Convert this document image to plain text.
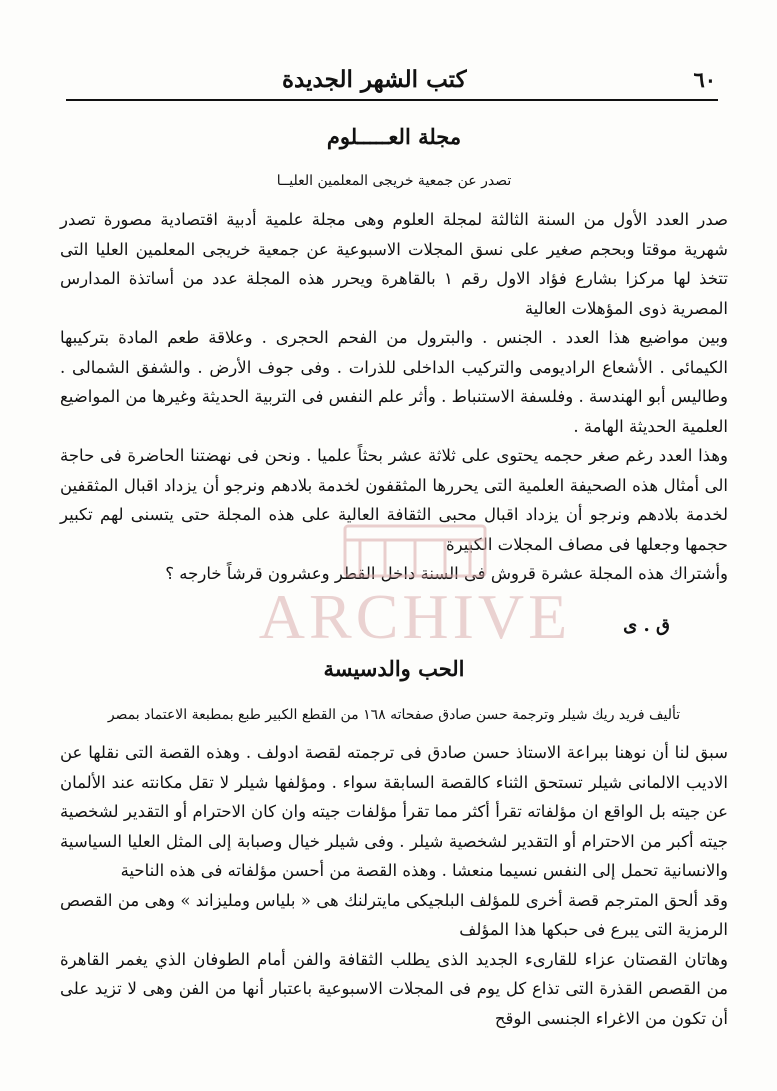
كتب الشهر الجديدة	٦٠
مجلة العـــــلوم
تصدر عن جمعية خريجى المعلمين العليــا

صدر العدد الأول من السنة الثالثة لمجلة العلوم وهى مجلة علمية أدبية اقتصادية مصورة تصدر شهرية موقتا وبحجم صغير على نسق المجلات الاسبوعية عن جمعية خريجى المعلمين العليا التى تتخذ لها مركزا بشارع فؤاد الاول رقم ١ بالقاهرة ويحرر هذه المجلة عدد من أساتذة المدارس المصرية ذوى المؤهلات العالية

وبين مواضيع هذا العدد . الجنس . والبترول من الفحم الحجرى . وعلاقة طعم المادة بتركيبها الكيمائى . الأشعاع الراديومى والتركيب الداخلى للذرات . وفى جوف الأرض . والشفق الشمالى . وطاليس أبو الهندسة . وفلسفة الاستنباط . وأثر علم النفس فى التربية الحديثة وغيرها من المواضيع العلمية الحديثة الهامة .

وهذا العدد رغم صغر حجمه يحتوى على ثلاثة عشر بحثاً علميا . ونحن فى نهضتنا الحاضرة فى حاجة الى أمثال هذه الصحيفة العلمية التى يحررها المثقفون لخدمة بلادهم ونرجو أن يزداد اقبال المثقفين لخدمة بلادهم ونرجو أن يزداد اقبال محبى الثقافة العالية على هذه المجلة حتى يتسنى لهم تكبير حجمها وجعلها فى مصاف المجلات الكبيرة

وأشتراك هذه المجلة عشرة قروش فى السنة داخل القطر وعشرون قرشاً خارجه ؟

ق . ى
الحب والدسيسة
تأليف فريد ريك شيلر وترجمة حسن صادق صفحاته ١٦٨ من القطع الكبير طبع بمطبعة الاعتماد بمصر

سبق لنا أن نوهنا ببراعة الاستاذ حسن صادق فى ترجمته لقصة ادولف . وهذه القصة التى نقلها عن الاديب الالمانى شيلر تستحق الثناء كالقصة السابقة سواء . ومؤلفها شيلر لا تقل مكانته عند الألمان عن جيته بل الواقع ان مؤلفاته تقرأ أكثر مما تقرأ مؤلفات جيته وان كان الاحترام أو التقدير لشخصية جيته أكبر من الاحترام أو التقدير لشخصية شيلر . وفى شيلر خيال وصبابة إلى المثل العليا السياسية والانسانية تحمل إلى النفس نسيما منعشا . وهذه القصة من أحسن مؤلفاته فى هذه الناحية

وقد ألحق المترجم قصة أخرى للمؤلف البلجيكى مايترلنك هى « بلياس ومليزاند » وهى من القصص الرمزية التى يبرع فى حبكها هذا المؤلف

وهاتان القصتان عزاء للقارىء الجديد الذى يطلب الثقافة والفن أمام الطوفان الذي يغمر القاهرة من القصص القذرة التى تذاع كل يوم فى المجلات الاسبوعية باعتبار أنها من الفن وهى لا تزيد على أن تكون من الاغراء الجنسى الوقح

ARCHIVE
